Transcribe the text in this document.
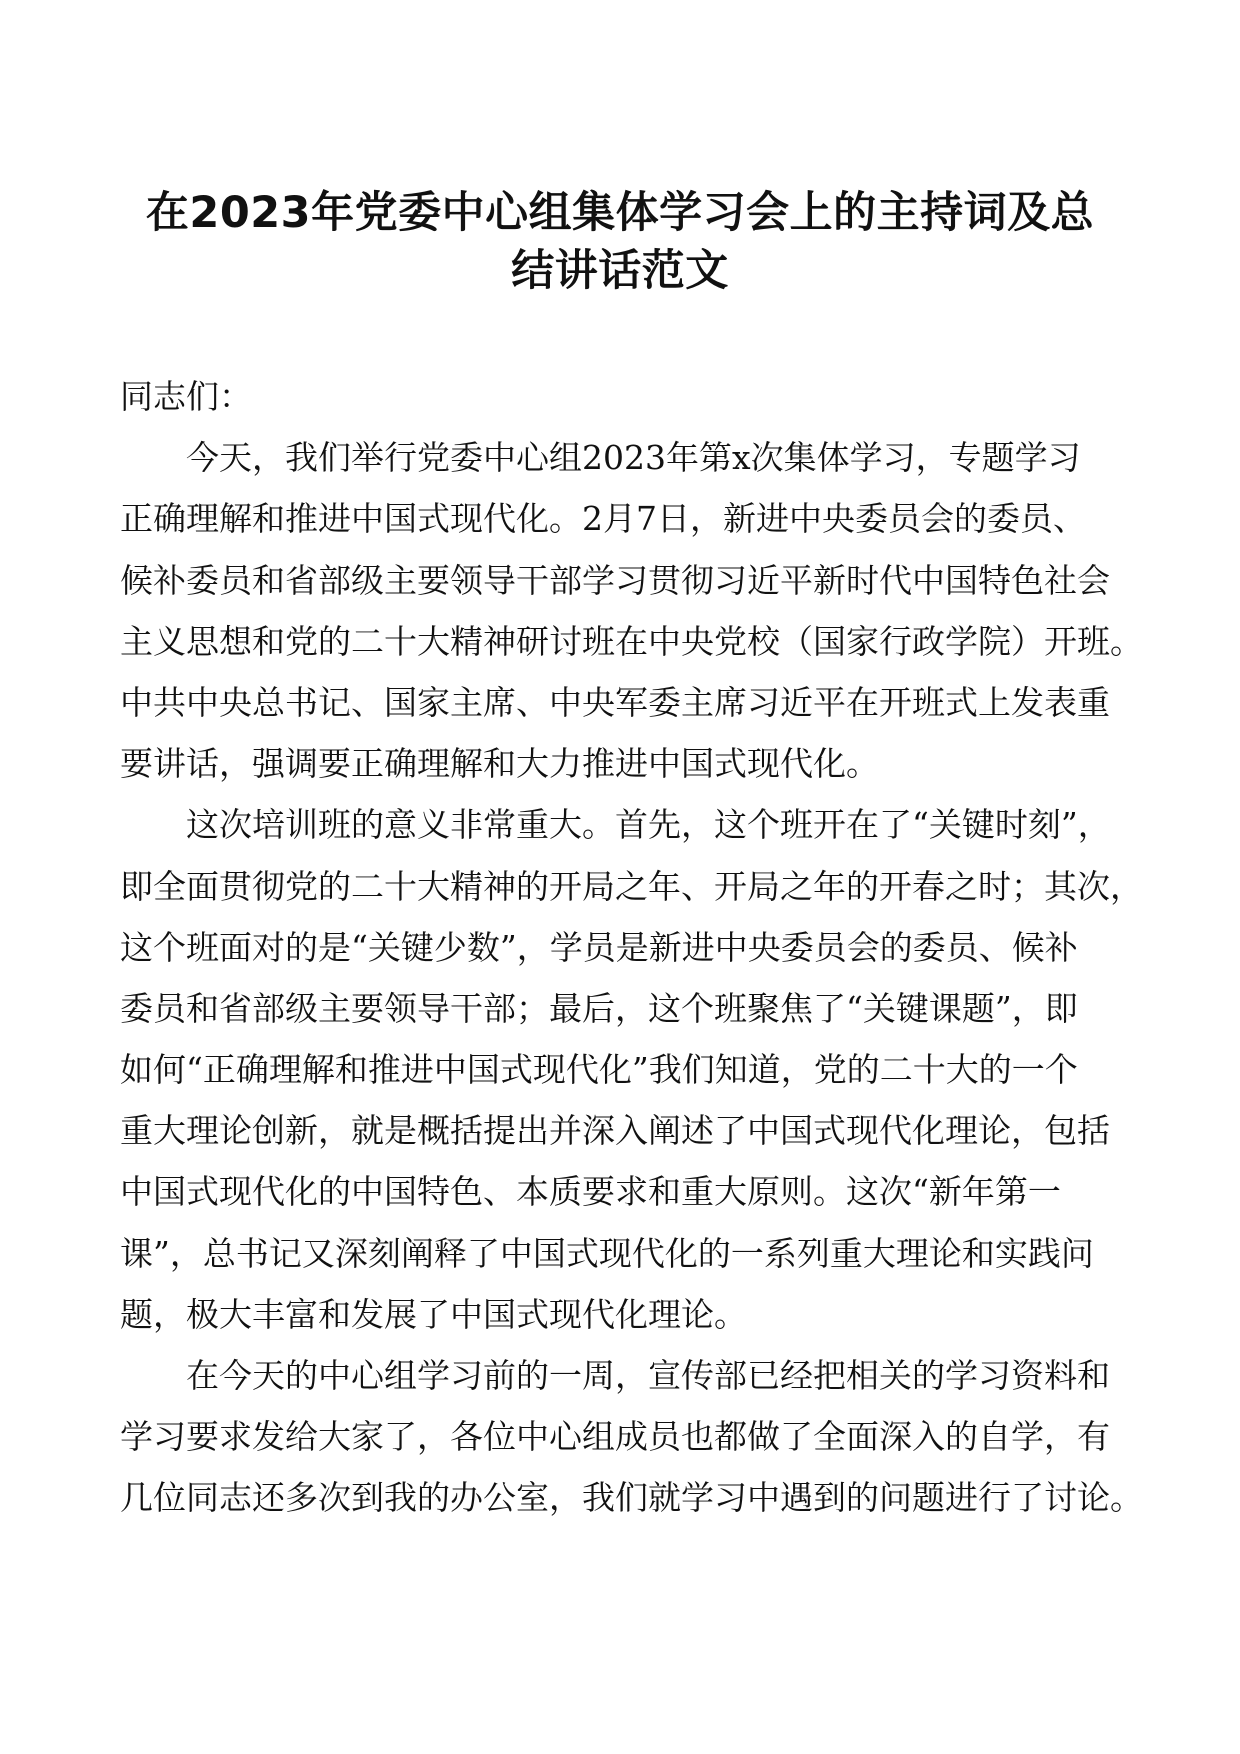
在2023年党委中心组集体学习会上的主持词及总
结讲话范文
同志们：
今天，我们举行党委中心组2023年第x次集体学习，专题学习
正确理解和推进中国式现代化。2月7日，新进中央委员会的委员、
候补委员和省部级主要领导干部学习贯彻习近平新时代中国特色社会
主义思想和党的二十大精神研讨班在中央党校（国家行政学院）开班。
中共中央总书记、国家主席、中央军委主席习近平在开班式上发表重
要讲话，强调要正确理解和大力推进中国式现代化。
这次培训班的意义非常重大。首先，这个班开在了“关键时刻”，
即全面贯彻党的二十大精神的开局之年、开局之年的开春之时；其次，
这个班面对的是“关键少数”，学员是新进中央委员会的委员、候补
委员和省部级主要领导干部；最后，这个班聚焦了“关键课题”，即
如何“正确理解和推进中国式现代化”我们知道，党的二十大的一个
重大理论创新，就是概括提出并深入阐述了中国式现代化理论，包括
中国式现代化的中国特色、本质要求和重大原则。这次“新年第一
课”，总书记又深刻阐释了中国式现代化的一系列重大理论和实践问
题，极大丰富和发展了中国式现代化理论。
在今天的中心组学习前的一周，宣传部已经把相关的学习资料和
学习要求发给大家了，各位中心组成员也都做了全面深入的自学，有
几位同志还多次到我的办公室，我们就学习中遇到的问题进行了讨论。
